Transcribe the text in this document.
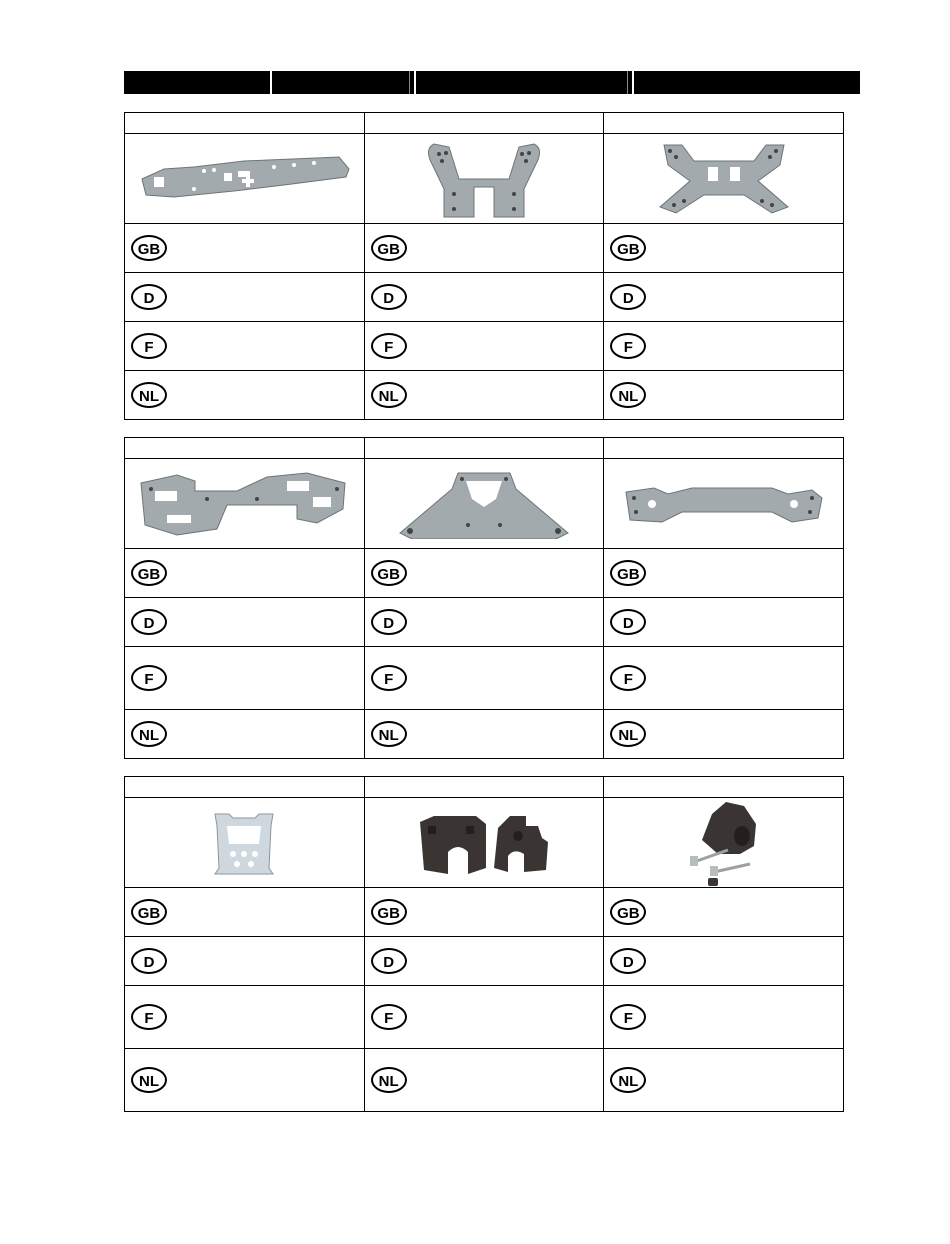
GB	GB	GB
D	D	D
F	F	F
NL	NL	NL

GB	GB	GB
D	D	D
F	F	F
NL	NL	NL

GB	GB	GB
D	D	D
F	F	F
NL	NL	NL
